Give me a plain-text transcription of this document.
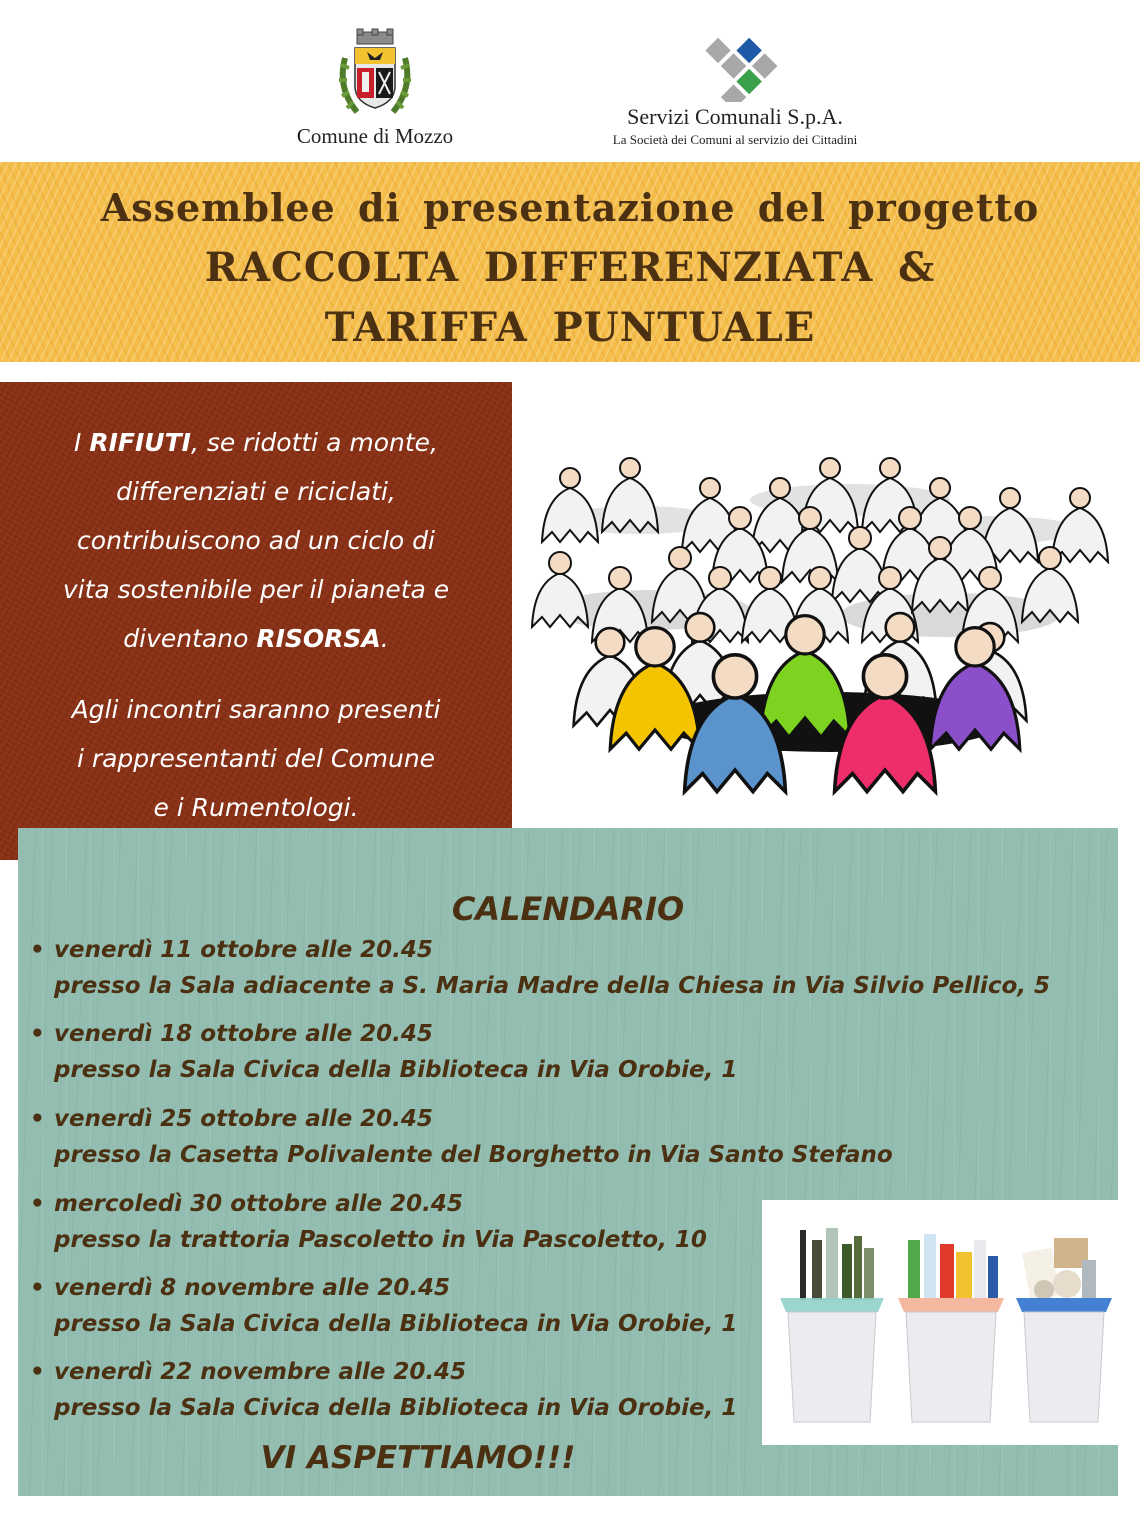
Comune di Mozzo
Servizi Comunali S.p.A.
La Società dei Comuni al servizio dei Cittadini
Assemblee di presentazione del progetto
RACCOLTA DIFFERENZIATA &
TARIFFA PUNTUALE

I RIFIUTI, se ridotti a monte,
differenziati e riciclati,
contribuiscono ad un ciclo di
vita sostenibile per il pianeta e
diventano RISORSA.

Agli incontri saranno presenti
i rappresentanti del Comune
e i Rumentologi.

CALENDARIO
• venerdì 11 ottobre alle 20.45
presso la Sala adiacente a S. Maria Madre della Chiesa in Via Silvio Pellico, 5
• venerdì 18 ottobre alle 20.45
presso la Sala Civica della Biblioteca in Via Orobie, 1
• venerdì 25 ottobre alle 20.45
presso la Casetta Polivalente del Borghetto in Via Santo Stefano
• mercoledì 30 ottobre alle 20.45
presso la trattoria Pascoletto in Via Pascoletto, 10
• venerdì 8 novembre alle 20.45
presso la Sala Civica della Biblioteca in Via Orobie, 1
• venerdì 22 novembre alle 20.45
presso la Sala Civica della Biblioteca in Via Orobie, 1
VI ASPETTIAMO!!!
